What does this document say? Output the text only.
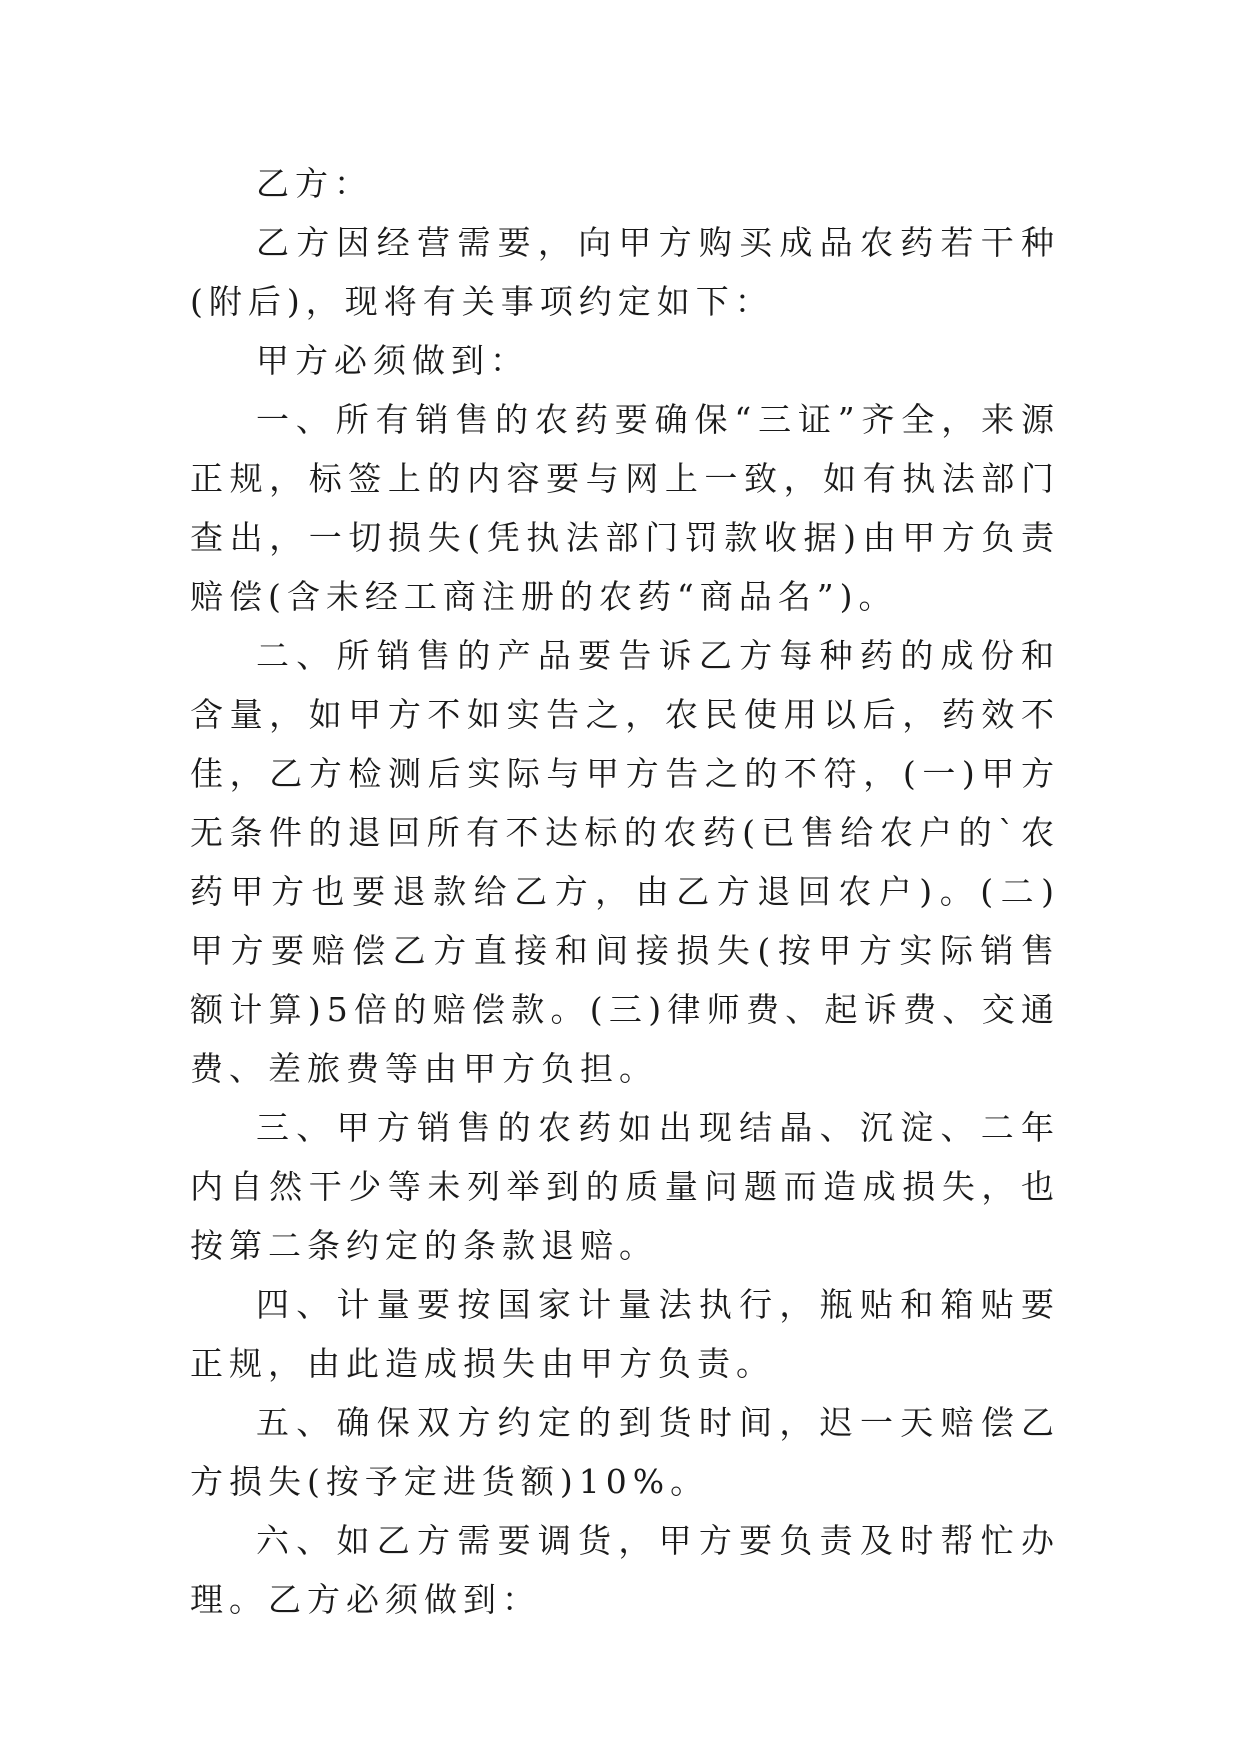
乙方：

乙方因经营需要，向甲方购买成品农药若干种(附后)，现将有关事项约定如下：

甲方必须做到：

一、所有销售的农药要确保“三证”齐全，来源正规，标签上的内容要与网上一致，如有执法部门查出，一切损失(凭执法部门罚款收据)由甲方负责赔偿(含未经工商注册的农药“商品名”)。

二、所销售的产品要告诉乙方每种药的成份和含量，如甲方不如实告之，农民使用以后，药效不佳，乙方检测后实际与甲方告之的不符，(一)甲方无条件的退回所有不达标的农药(已售给农户的`农药甲方也要退款给乙方，由乙方退回农户)。(二)甲方要赔偿乙方直接和间接损失(按甲方实际销售额计算)5倍的赔偿款。(三)律师费、起诉费、交通费、差旅费等由甲方负担。

三、甲方销售的农药如出现结晶、沉淀、二年内自然干少等未列举到的质量问题而造成损失，也按第二条约定的条款退赔。

四、计量要按国家计量法执行，瓶贴和箱贴要正规，由此造成损失由甲方负责。

五、确保双方约定的到货时间，迟一天赔偿乙方损失(按予定进货额)10%。

六、如乙方需要调货，甲方要负责及时帮忙办理。乙方必须做到：
